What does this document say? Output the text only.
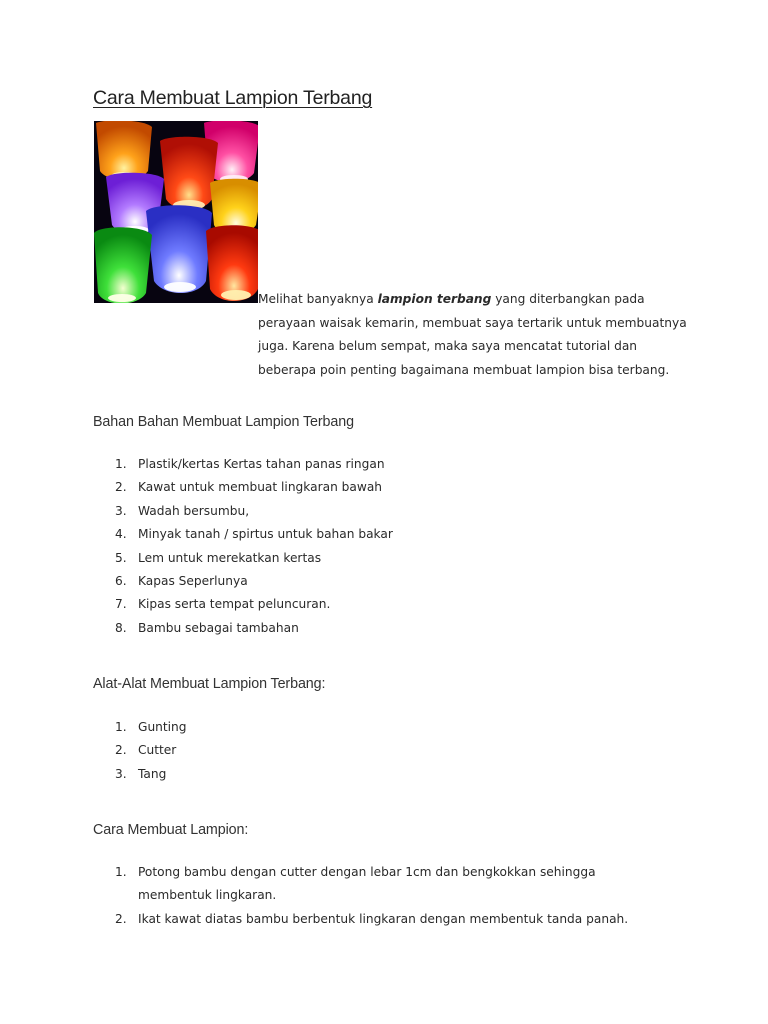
Cara Membuat Lampion Terbang
Melihat banyaknya lampion terbang yang diterbangkan pada perayaan waisak kemarin, membuat saya tertarik untuk membuatnya juga. Karena belum sempat, maka saya mencatat tutorial dan beberapa poin penting bagaimana membuat lampion bisa terbang.
Bahan Bahan Membuat Lampion Terbang
1. Plastik/kertas Kertas tahan panas ringan
2. Kawat untuk membuat lingkaran bawah
3. Wadah bersumbu,
4. Minyak tanah / spirtus untuk bahan bakar
5. Lem untuk merekatkan kertas
6. Kapas Seperlunya
7. Kipas serta tempat peluncuran.
8. Bambu sebagai tambahan
Alat-Alat Membuat Lampion Terbang:
1. Gunting
2. Cutter
3. Tang
Cara Membuat Lampion:
1. Potong bambu dengan cutter dengan lebar 1cm dan bengkokkan sehingga membentuk lingkaran.
2. Ikat kawat diatas bambu berbentuk lingkaran dengan membentuk tanda panah.
